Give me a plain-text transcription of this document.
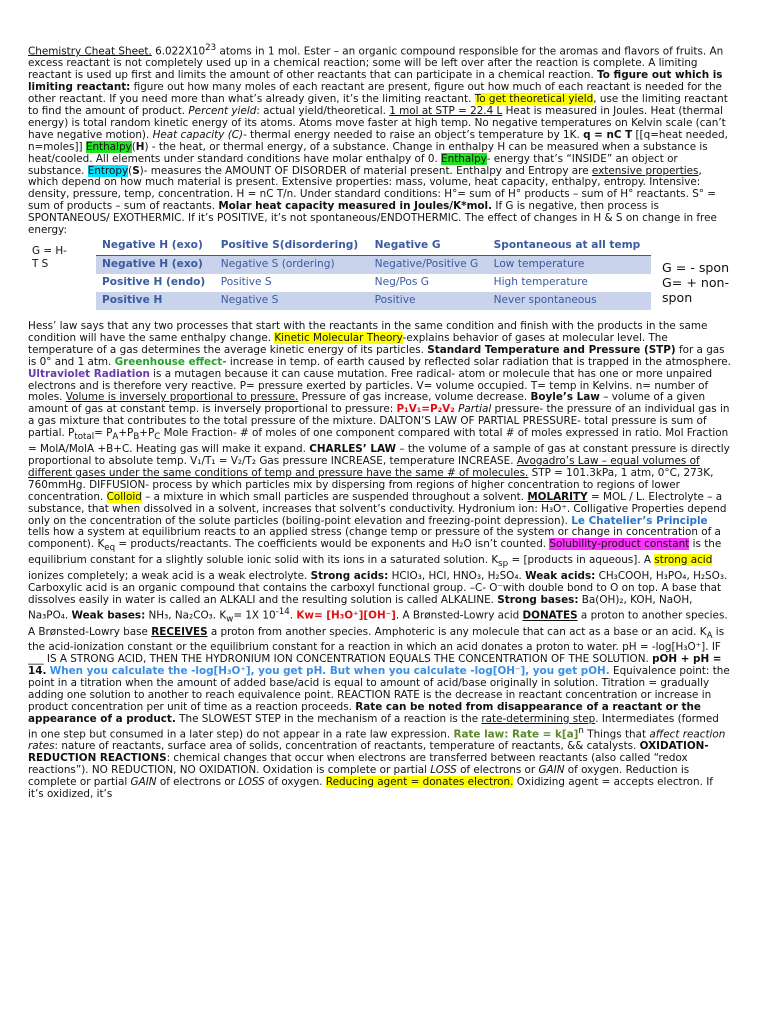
Chemistry Cheat Sheet. $6.022X10^{23}$ atoms in 1 mol. Ester – an organic compound responsible for the aromas and flavors of fruits. An excess reactant is not completely used up in a chemical reaction; some will be left over after the reaction is complete. A limiting reactant is used up first and limits the amount of other reactants that can participate in a chemical reaction. To figure out which is limiting reactant: figure out how many moles of each reactant are present, figure out how much of each reactant is needed for the other reactant. If you need more than what’s already given, it’s the limiting reactant. To get theoretical yield, use the limiting reactant to find the amount of product. Percent yield: actual yield/theoretical. 1 mol at STP = 22.4 L Heat is measured in Joules. Heat (thermal energy) is total random kinetic energy of its atoms. Atoms move faster at high temp. No negative temperatures on Kelvin scale (can’t have negative motion). Heat capacity (C)- thermal energy needed to raise an object’s temperature by 1K. q = nC T [[q=heat needed, n=moles]] Enthalpy(H) - the heat, or thermal energy, of a substance. Change in enthalpy H can be measured when a substance is heat/cooled. All elements under standard conditions have molar enthalpy of 0. Enthalpy- energy that’s “INSIDE” an object or substance. Entropy(S)- measures the AMOUNT OF DISORDER of material present. Enthalpy and Entropy are extensive properties, which depend on how much material is present. Extensive properties: mass, volume, heat capacity, enthalpy, entropy. Intensive: density, pressure, temp, concentration. H = nC T/n. Under standard conditions: H°= sum of H° products – sum of H° reactants. S° = sum of products – sum of reactants. Molar heat capacity measured in Joules/K*mol. If G is negative, then process is SPONTANEOUS/ EXOTHERMIC. If it’s POSITIVE, it’s not spontaneous/ENDOTHERMIC. The effect of changes in H & S on change in free energy:

G = H-
T S
Negative H (exo)	Positive S(disordering)	Negative G	Spontaneous at all temp
Negative H (exo)	Negative S (ordering)	Negative/Positive G	Low temperature
Positive H (endo)	Positive S	Neg/Pos G	High temperature
Positive H	Negative S	Positive	Never spontaneous
G = - spon
G= + non-
spon

Hess’ law says that any two processes that start with the reactants in the same condition and finish with the products in the same condition will have the same enthalpy change. Kinetic Molecular Theory-explains behavior of gases at molecular level. The temperature of a gas determines the average kinetic energy of its particles. Standard Temperature and Pressure (STP) for a gas is 0° and 1 atm. Greenhouse effect- increase in temp. of earth caused by reflected solar radiation that is trapped in the atmosphere. Ultraviolet Radiation is a mutagen because it can cause mutation. Free radical- atom or molecule that has one or more unpaired electrons and is therefore very reactive. P= pressure exerted by particles. V= volume occupied. T= temp in Kelvins. n= number of moles. Volume is inversely proportional to pressure. Pressure of gas increase, volume decrease. Boyle’s Law – volume of a given amount of gas at constant temp. is inversely proportional to pressure: P₁V₁=P₂V₂ Partial pressure- the pressure of an individual gas in a gas mixture that contributes to the total pressure of the mixture. DALTON’S LAW OF PARTIAL PRESSURE- total pressure is sum of partial. $P_{total}= P_A+P_B+P_C$ Mole Fraction- # of moles of one component compared with total # of moles expressed in ratio. Mol Fraction = MolA/MolA +B+C. Heating gas will make it expand. CHARLES’ LAW – the volume of a sample of gas at constant pressure is directly proportional to absolute temp. V₁/T₁ = V₂/T₂ Gas pressure INCREASE, temperature INCREASE. Avogadro’s Law – equal volumes of different gases under the same conditions of temp and pressure have the same # of molecules. STP = 101.3kPa, 1 atm, 0°C, 273K, 760mmHg. DIFFUSION- process by which particles mix by dispersing from regions of higher concentration to regions of lower concentration. Colloid – a mixture in which small particles are suspended throughout a solvent. MOLARITY = MOL / L. Electrolyte – a substance, that when dissolved in a solvent, increases that solvent’s conductivity. Hydronium ion: H₃O⁺. Colligative Properties depend only on the concentration of the solute particles (boiling-point elevation and freezing-point depression). Le Chatelier’s Principle tells how a system at equilibrium reacts to an applied stress (change temp or pressure of the system or change in concentration of a component). $K_{eq}$ = products/reactants. The coefficients would be exponents and H₂O isn’t counted. Solubility-product constant is the equilibrium constant for a slightly soluble ionic solid with its ions in a saturated solution. $K_{sp}$ = [products in aqueous]. A strong acid ionizes completely; a weak acid is a weak electrolyte. Strong acids: HClO₃, HCl, HNO₃, H₂SO₄. Weak acids: CH₃COOH, H₃PO₄, H₂SO₃. Carboxylic acid is an organic compound that contains the carboxyl functional group. –C- O⁻with double bond to O on top. A base that dissolves easily in water is called an ALKALI and the resulting solution is called ALKALINE. Strong bases: Ba(OH)₂, KOH, NaOH, Na₃PO₄. Weak bases: NH₃, Na₂CO₃. $K_w= 1X$ $10^{-14}$. Kw= [H₃O⁺][OH⁻]. A Brønsted-Lowry acid DONATES a proton to another species. A Brønsted-Lowry base RECEIVES a proton from another species. Amphoteric is any molecule that can act as a base or an acid. $K_A$ is the acid-ionization constant or the equilibrium constant for a reaction in which an acid donates a proton to water. pH = -log[H₃O⁺]. IF ___ IS A STRONG ACID, THEN THE HYDRONIUM ION CONCENTRATION EQUALS THE CONCENTRATION OF THE SOLUTION. pOH + pH = 14. When you calculate the -log[H₃O⁺], you get pH. But when you calculate -log[OH⁻], you get pOH. Equivalence point: the point in a titration when the amount of added base/acid is equal to amount of acid/base originally in solution. Titration = gradually adding one solution to another to reach equivalence point. REACTION RATE is the decrease in reactant concentration or increase in product concentration per unit of time as a reaction proceeds. Rate can be noted from disappearance of a reactant or the appearance of a product. The SLOWEST STEP in the mechanism of a reaction is the rate-determining step. Intermediates (formed in one step but consumed in a later step) do not appear in a rate law expression. Rate law: Rate = $k[a]^n$ Things that affect reaction rates: nature of reactants, surface area of solids, concentration of reactants, temperature of reactants, && catalysts. OXIDATION-REDUCTION REACTIONS: chemical changes that occur when electrons are transferred between reactants (also called “redox reactions”). NO REDUCTION, NO OXIDATION. Oxidation is complete or partial LOSS of electrons or GAIN of oxygen. Reduction is complete or partial GAIN of electrons or LOSS of oxygen. Reducing agent = donates electron. Oxidizing agent = accepts electron. If it’s oxidized, it’s
